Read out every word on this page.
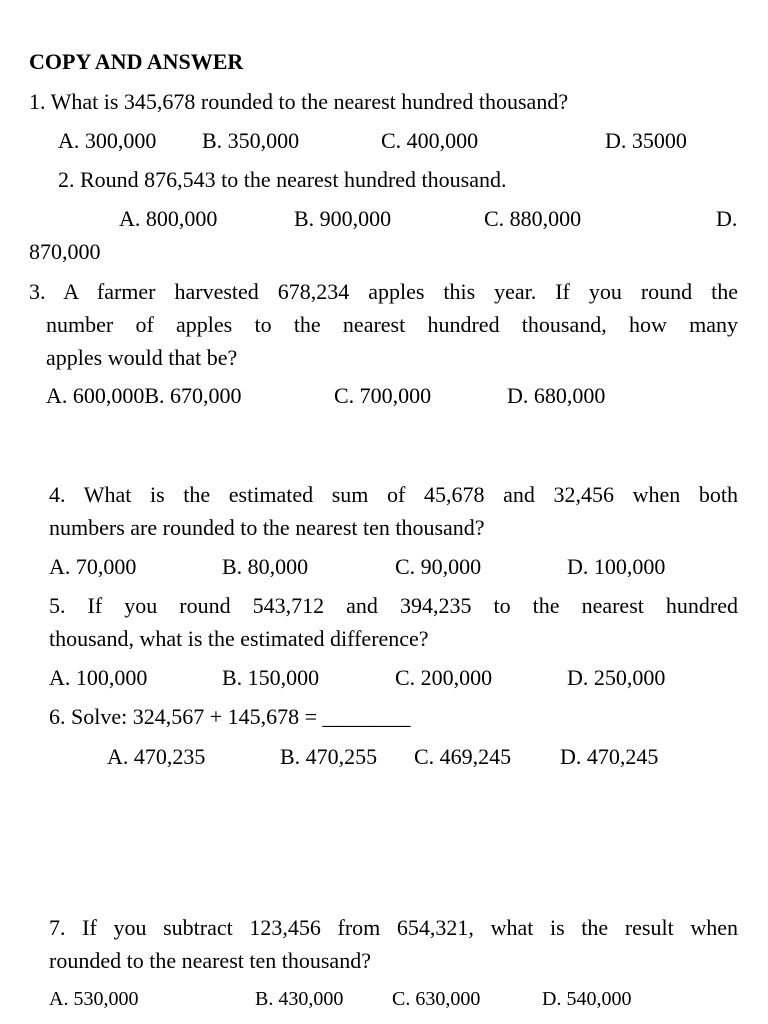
COPY AND ANSWER
1. What is 345,678 rounded to the nearest hundred thousand?
A. 300,000 B. 350,000	C. 400,000	D. 35000
2. Round 876,543 to the nearest hundred thousand.
A. 800,000	B. 900,000	C. 880,000	D.
870,000
3. A farmer harvested 678,234 apples this year. If you round the
number of apples to the nearest hundred thousand, how many
apples would that be?
A. 600,000B. 670,000	C. 700,000	D. 680,000
4. What is the estimated sum of 45,678 and 32,456 when both
numbers are rounded to the nearest ten thousand?
A. 70,000	B. 80,000	C. 90,000	D. 100,000
5. If you round 543,712 and 394,235 to the nearest hundred
thousand, what is the estimated difference?
A. 100,000	B. 150,000	C. 200,000	D. 250,000
6. Solve: 324,567 + 145,678 = ________
A. 470,235	B. 470,255 C. 469,245 D. 470,245
7. If you subtract 123,456 from 654,321, what is the result when
rounded to the nearest ten thousand?
A. 530,000	B. 430,000 C. 630,000	D. 540,000
